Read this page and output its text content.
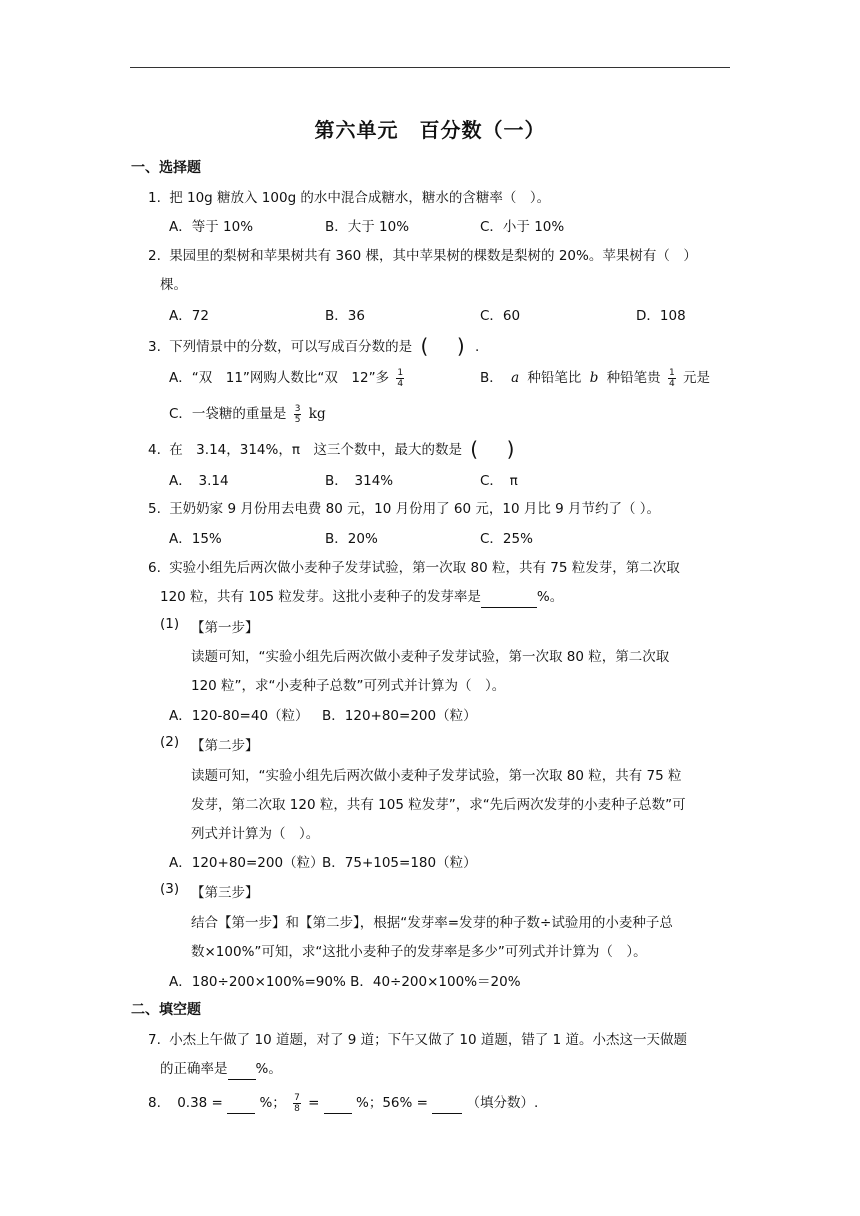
第六单元　百分数（一）
一、选择题
1. 把 10g 糖放入 100g 的水中混合成糖水，糖水的含糖率（　）。
A．等于 10%	B．大于 10%	C．小于 10%
2. 果园里的梨树和苹果树共有 360 棵，其中苹果树的棵数是梨树的 20%。苹果树有（　）
棵。
A．72	B．36	C．60	D．108
3. 下列情景中的分数，可以写成百分数的是 ( ) .
A．“双　11”网购人数比“双　12”多 $\frac{1}{4}$	B． a 种铅笔比 b 种铅笔贵 $\frac{1}{4}$ 元是
C．一袋糖的重量是 $\frac{3}{5}$ kg
4. 在　3.14，314%，π　这三个数中，最大的数是 ( )
A．　3.14	B．　314%	C．　π
5. 王奶奶家 9 月份用去电费 80 元，10 月份用了 60 元，10 月比 9 月节约了（ ）。
A．15%	B．20%	C．25%
6. 实验小组先后两次做小麦种子发芽试验，第一次取 80 粒，共有 75 粒发芽，第二次取
120 粒，共有 105 粒发芽。这批小麦种子的发芽率是	%。
(1) 【第一步】
读题可知，“实验小组先后两次做小麦种子发芽试验，第一次取 80 粒，第二次取
120 粒”，求“小麦种子总数”可列式并计算为（　）。
A．120-80=40（粒） B．120+80=200（粒）
(2) 【第二步】
读题可知，“实验小组先后两次做小麦种子发芽试验，第一次取 80 粒，共有 75 粒
发芽，第二次取 120 粒，共有 105 粒发芽”，求“先后两次发芽的小麦种子总数”可
列式并计算为（　）。
A．120+80=200（粒）
B．75+105=180（粒）
(3) 【第三步】
结合【第一步】和【第二步】，根据“发芽率=发芽的种子数÷试验用的小麦种子总
数×100%”可知，求“这批小麦种子的发芽率是多少”可列式并计算为（　）。
A．180÷200×100%=90% B．40÷200×100%＝20%
二、填空题
7. 小杰上午做了 10 道题，对了 9 道；下午又做了 10 道题，错了 1 道。小杰这一天做题
的正确率是 %。
8. 0.38 =	%； $\frac{7}{8}$ =	%；56% =	（填分数）.
